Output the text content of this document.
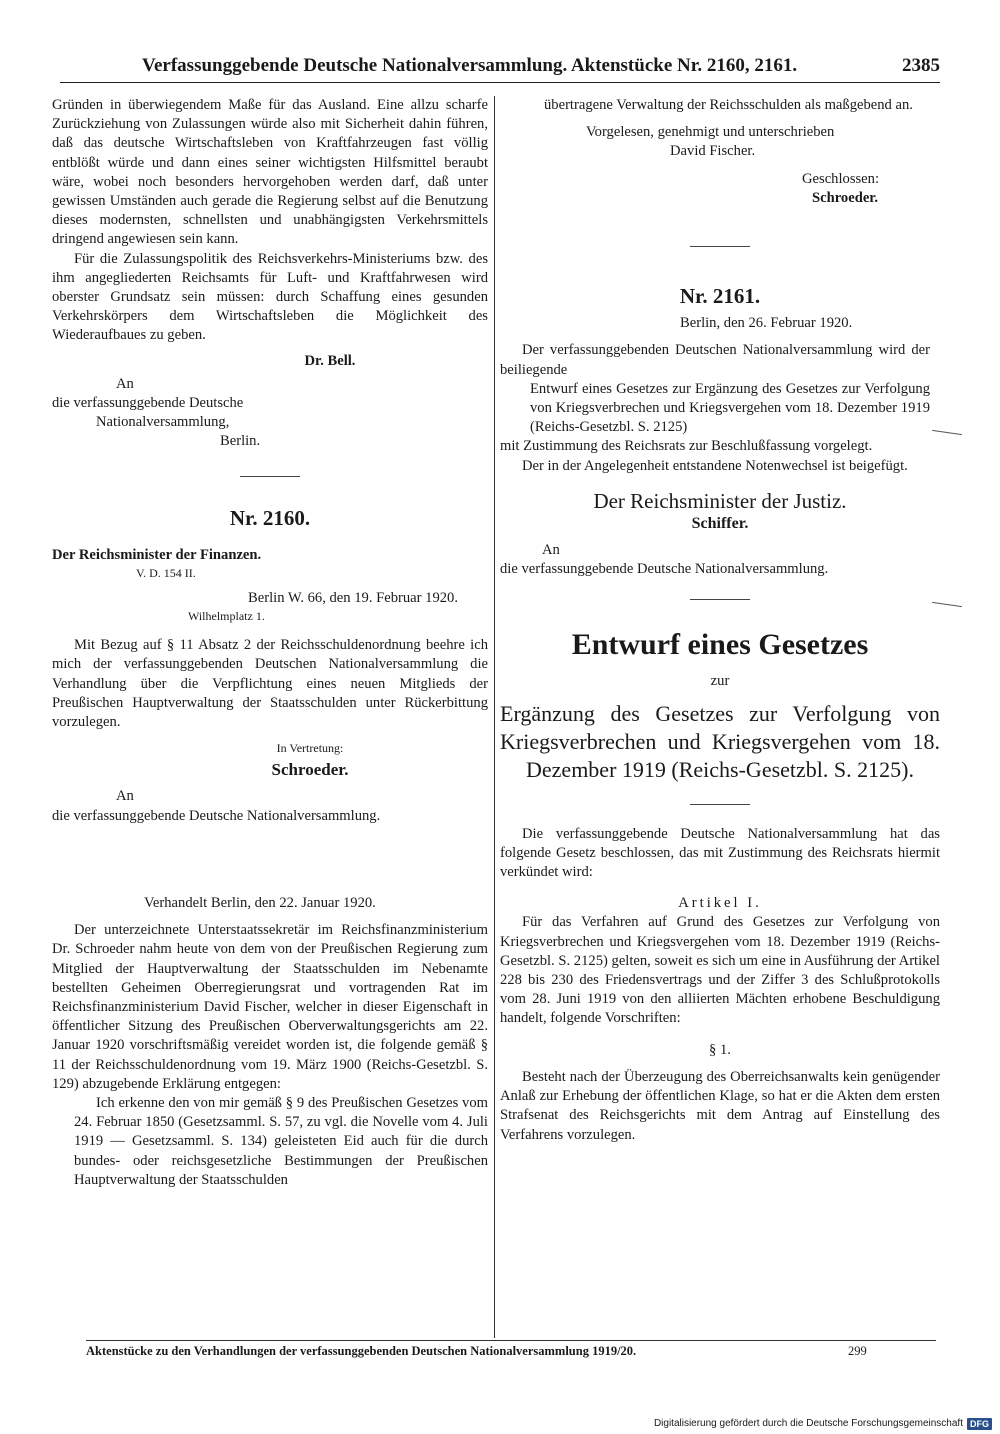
Verfassunggebende Deutsche Nationalversammlung. Aktenstücke Nr. 2160, 2161.	2385

Gründen in überwiegendem Maße für das Ausland. Eine allzu scharfe Zurückziehung von Zulassungen würde also mit Sicherheit dahin führen, daß das deutsche Wirtschaftsleben von Kraftfahrzeugen fast völlig entblößt würde und dann eines seiner wichtigsten Hilfsmittel beraubt wäre, wobei noch besonders hervorgehoben werden darf, daß unter gewissen Umständen auch gerade die Regierung selbst auf die Benutzung dieses modernsten, schnellsten und unabhängigsten Verkehrsmittels dringend angewiesen sein kann.

Für die Zulassungspolitik des Reichsverkehrs-Ministeriums bzw. des ihm angegliederten Reichsamts für Luft- und Kraftfahrwesen wird oberster Grundsatz sein müssen: durch Schaffung eines gesunden Verkehrskörpers dem Wirtschaftsleben die Möglichkeit des Wiederaufbaues zu geben.

Dr. Bell.

An

die verfassunggebende Deutsche

Nationalversammlung,

Berlin.

Nr. 2160.

Der Reichsminister der Finanzen.

V. D. 154 II.

Berlin W. 66, den 19. Februar 1920.

Wilhelmplatz 1.

Mit Bezug auf § 11 Absatz 2 der Reichsschuldenordnung beehre ich mich der verfassunggebenden Deutschen Nationalversammlung die Verhandlung über die Verpflichtung eines neuen Mitglieds der Preußischen Hauptverwaltung der Staatsschulden unter Rückerbittung vorzulegen.

In Vertretung:

Schroeder.

An

die verfassunggebende Deutsche Nationalversammlung.

Verhandelt Berlin, den 22. Januar 1920.

Der unterzeichnete Unterstaatssekretär im Reichsfinanzministerium Dr. Schroeder nahm heute von dem von der Preußischen Regierung zum Mitglied der Hauptverwaltung der Staatsschulden im Nebenamte bestellten Geheimen Oberregierungsrat und vortragenden Rat im Reichsfinanzministerium David Fischer, welcher in dieser Eigenschaft in öffentlicher Sitzung des Preußischen Oberverwaltungsgerichts am 22. Januar 1920 vorschriftsmäßig vereidet worden ist, die folgende gemäß § 11 der Reichsschuldenordnung vom 19. März 1900 (Reichs-Gesetzbl. S. 129) abzugebende Erklärung entgegen:

Ich erkenne den von mir gemäß § 9 des Preußischen Gesetzes vom 24. Februar 1850 (Gesetzsamml. S. 57, zu vgl. die Novelle vom 4. Juli 1919 — Gesetzsamml. S. 134) geleisteten Eid auch für die durch bundes- oder reichsgesetzliche Bestimmungen der Preußischen Hauptverwaltung der Staatsschulden

übertragene Verwaltung der Reichsschulden als maßgebend an.

Vorgelesen, genehmigt und unterschrieben

David Fischer.

Geschlossen:

Schroeder.

Nr. 2161.

Berlin, den 26. Februar 1920.

Der verfassunggebenden Deutschen Nationalversammlung wird der beiliegende

Entwurf eines Gesetzes zur Ergänzung des Gesetzes zur Verfolgung von Kriegsverbrechen und Kriegsvergehen vom 18. Dezember 1919 (Reichs-Gesetzbl. S. 2125)

mit Zustimmung des Reichsrats zur Beschlußfassung vorgelegt.

Der in der Angelegenheit entstandene Notenwechsel ist beigefügt.

Der Reichsminister der Justiz.

Schiffer.

An

die verfassunggebende Deutsche Nationalversammlung.

Entwurf eines Gesetzes

zur

Ergänzung des Gesetzes zur Verfolgung von Kriegsverbrechen und Kriegsvergehen vom 18. Dezember 1919 (Reichs-Gesetzbl. S. 2125).

Die verfassunggebende Deutsche Nationalversammlung hat das folgende Gesetz beschlossen, das mit Zustimmung des Reichsrats hiermit verkündet wird:

Artikel I.

Für das Verfahren auf Grund des Gesetzes zur Verfolgung von Kriegsverbrechen und Kriegsvergehen vom 18. Dezember 1919 (Reichs-Gesetzbl. S. 2125) gelten, soweit es sich um eine in Ausführung der Artikel 228 bis 230 des Friedensvertrags und der Ziffer 3 des Schlußprotokolls vom 28. Juni 1919 von den alliierten Mächten erhobene Beschuldigung handelt, folgende Vorschriften:

§ 1.

Besteht nach der Überzeugung des Oberreichsanwalts kein genügender Anlaß zur Erhebung der öffentlichen Klage, so hat er die Akten dem ersten Strafsenat des Reichsgerichts mit dem Antrag auf Einstellung des Verfahrens vorzulegen.

Aktenstücke zu den Verhandlungen der verfassunggebenden Deutschen Nationalversammlung 1919/20.	299
Digitalisierung gefördert durch die Deutsche Forschungsgemeinschaft DFG
